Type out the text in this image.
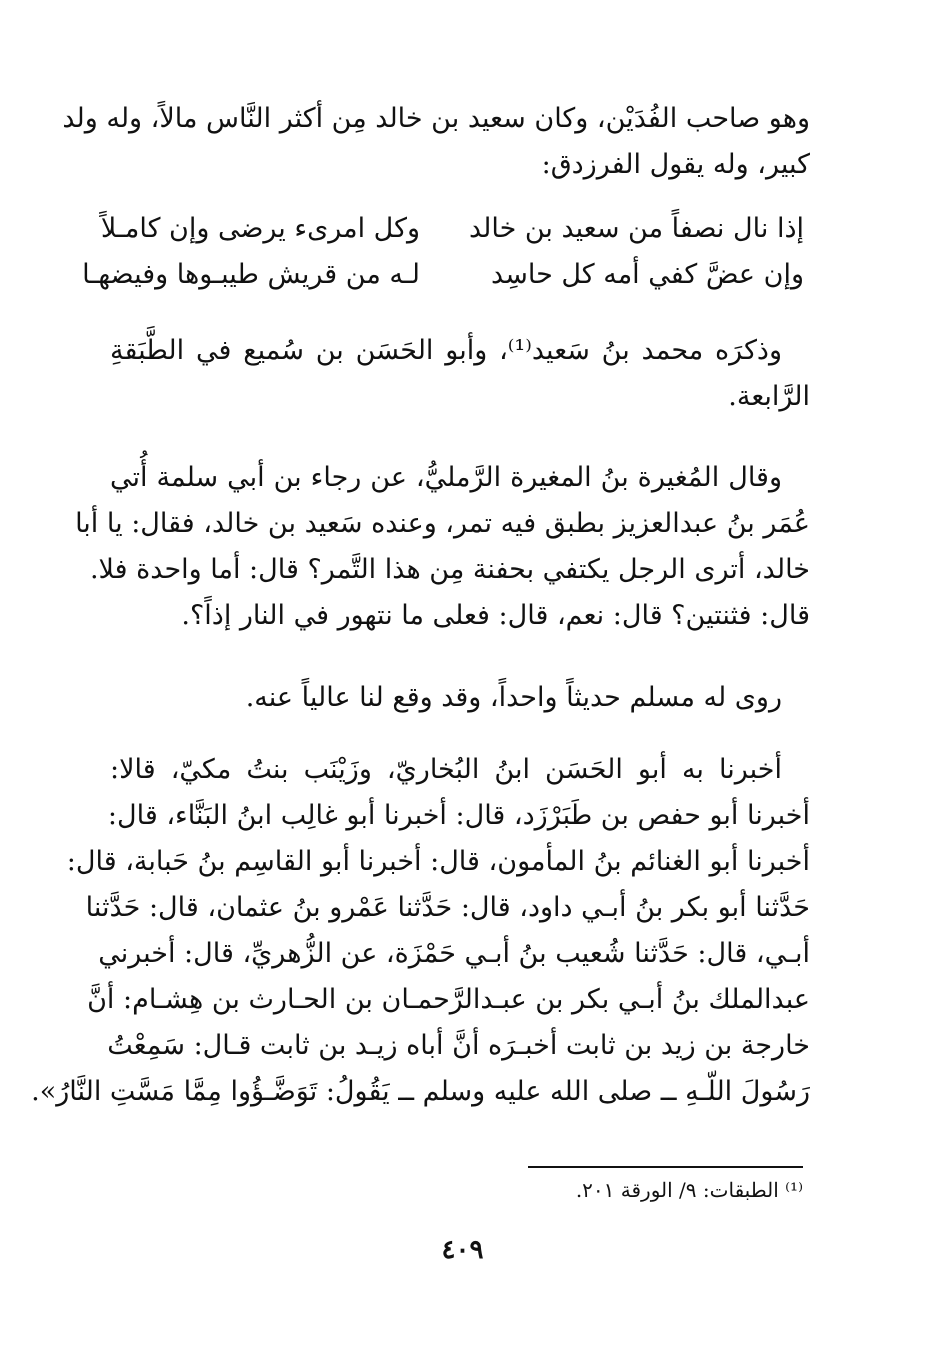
وهو صاحب الفُدَيْن، وكان سعيد بن خالد مِن أكثر النَّاس مالاً، وله ولد
كبير، وله يقول الفرزدق:
إذا نال نصفاً من سعيد بن خالد
وكل امرىء يرضى وإن كامـلاً
وإن عضَّ كفي أمه كل حاسِد
لـه من قريش طيبـوها وفيضهـا
وذكرَه محمد بنُ سَعيد⁽¹⁾، وأبو الحَسَن بن سُميع في الطَّبَقةِ
الرَّابعة.
وقال المُغيرة بنُ المغيرة الرَّمليُّ، عن رجاء بن أبي سلمة أُتي
عُمَر بنُ عبدالعزيز بطبق فيه تمر، وعنده سَعيد بن خالد، فقال: يا أبا
خالد، أترى الرجل يكتفي بحفنة مِن هذا التَّمر؟ قال: أما واحدة فلا.
قال: فثنتين؟ قال: نعم، قال: فعلى ما نتهور في النار إذاً؟.
روى له مسلم حديثاً واحداً، وقد وقع لنا عالياً عنه.
أخبرنا به أبو الحَسَن ابنُ البُخاريّ، وزَيْنَب بنتُ مكيّ، قالا:
أخبرنا أبو حفص بن طَبَرْزَد، قال: أخبرنا أبو غالِب ابنُ البَنَّاء، قال:
أخبرنا أبو الغنائم بنُ المأمون، قال: أخبرنا أبو القاسِم بنُ حَبابة، قال:
حَدَّثنا أبو بكر بنُ أبـي داود، قال: حَدَّثنا عَمْرو بنُ عثمان، قال: حَدَّثنا
أبـي، قال: حَدَّثنا شُعيب بنُ أبـي حَمْزَة، عن الزُّهريِّ، قال: أخبرني
عبدالملك بنُ أبـي بكر بن عبـدالرَّحمـان بن الحـارث بن هِشـام: أنَّ
خارجة بن زيد بن ثابت أخبـرَه أنَّ أباه زيـد بن ثابت قـال: سَمِعْتُ
رَسُولَ اللّـهِ ــ صلى الله عليه وسلم ــ يَقُولُ: تَوَضَّـؤُوا مِمَّا مَسَّتِ النَّارُ».
⁽¹⁾ الطبقات: ٩/ الورقة ٢٠١.
٤٠٩
